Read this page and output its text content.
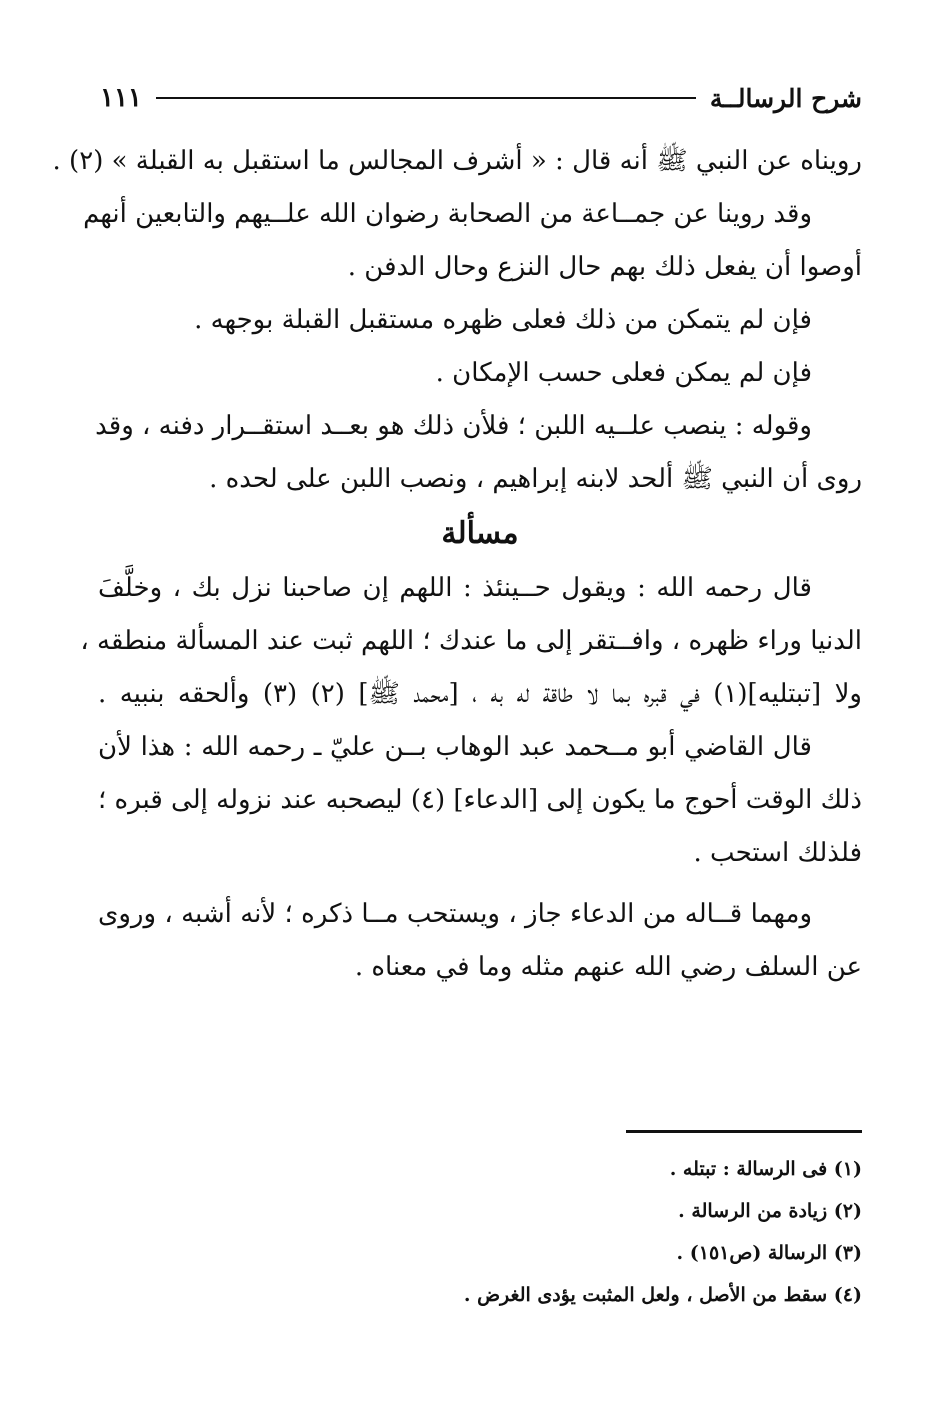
شرح الرسالــة
١١١
رويناه عن النبي ﷺ أنه قال : « أشرف المجالس ما استقبل به القبلة » (٢) .
وقد روينا عن جمــاعة من الصحابة رضوان الله علــيهم والتابعين أنهم
أوصوا أن يفعل ذلك بهم حال النزع وحال الدفن .
فإن لم يتمكن من ذلك فعلى ظهره مستقبل القبلة بوجهه .
فإن لم يمكن فعلى حسب الإمكان .
وقوله : ينصب علــيه اللبن ؛ فلأن ذلك هو بعــد استقــرار دفنه ، وقد
روى أن النبي ﷺ ألحد لابنه إبراهيم ، ونصب اللبن على لحده .
مسألة
قال رحمه الله : ويقول حــينئذ : اللهم إن صاحبنا نزل بك ، وخلَّفَ
الدنيا وراء ظهره ، وافــتقر إلى ما عندك ؛ اللهم ثبت عند المسألة منطقه ،
ولا [تبتليه](١) في قبره بما لا طاقة له به ، [محمد ﷺ] (٢) (٣) وألحقه بنبيه .
قال القاضي أبو مــحمد عبد الوهاب بــن عليّ ـ رحمه الله : هذا لأن
ذلك الوقت أحوج ما يكون إلى [الدعاء] (٤) ليصحبه عند نزوله إلى قبره ؛
فلذلك استحب .
ومهما قــاله من الدعاء جاز ، ويستحب مــا ذكره ؛ لأنه أشبه ، وروى
عن السلف رضي الله عنهم مثله وما في معناه .
(١) فى الرسالة : تبتله .
(٢) زيادة من الرسالة .
(٣) الرسالة (ص١٥١) .
(٤) سقط من الأصل ، ولعل المثبت يؤدى الغرض .
